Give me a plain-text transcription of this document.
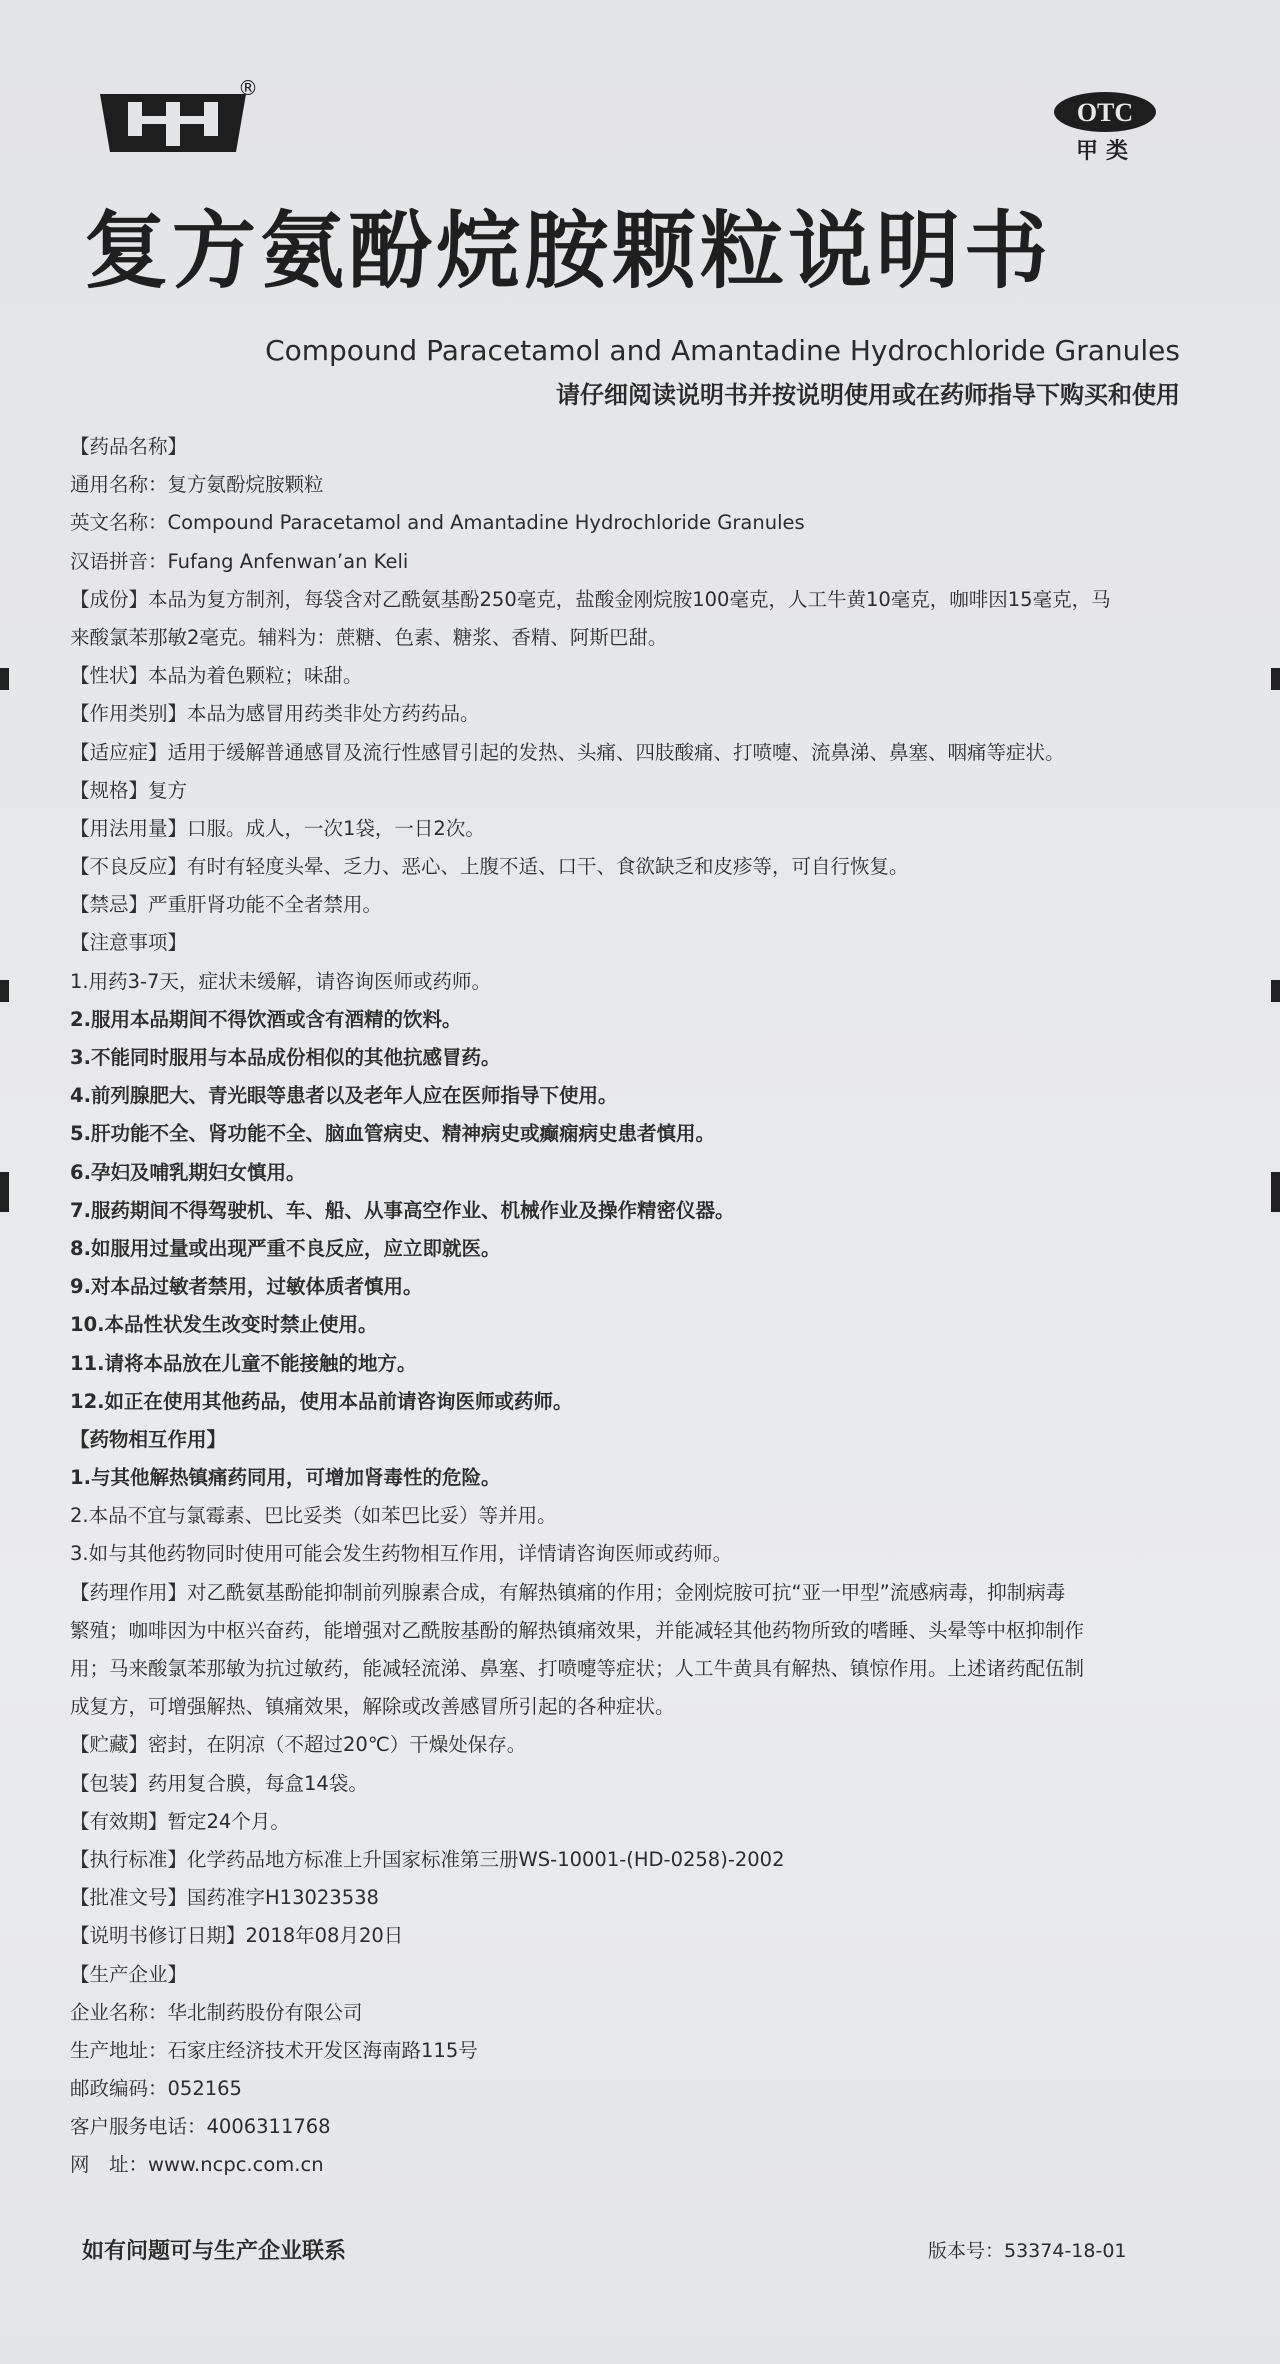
®
OTC
甲类
复方氨酚烷胺颗粒说明书
Compound Paracetamol and Amantadine Hydrochloride Granules
请仔细阅读说明书并按说明使用或在药师指导下购买和使用
【药品名称】
通用名称：复方氨酚烷胺颗粒
英文名称：Compound Paracetamol and Amantadine Hydrochloride Granules
汉语拼音：Fufang Anfenwan’an Keli
【成份】本品为复方制剂，每袋含对乙酰氨基酚250毫克，盐酸金刚烷胺100毫克，人工牛黄10毫克，咖啡因15毫克，马
来酸氯苯那敏2毫克。辅料为：蔗糖、色素、糖浆、香精、阿斯巴甜。
【性状】本品为着色颗粒；味甜。
【作用类别】本品为感冒用药类非处方药药品。
【适应症】适用于缓解普通感冒及流行性感冒引起的发热、头痛、四肢酸痛、打喷嚏、流鼻涕、鼻塞、咽痛等症状。
【规格】复方
【用法用量】口服。成人，一次1袋，一日2次。
【不良反应】有时有轻度头晕、乏力、恶心、上腹不适、口干、食欲缺乏和皮疹等，可自行恢复。
【禁忌】严重肝肾功能不全者禁用。
【注意事项】
1.用药3-7天，症状未缓解，请咨询医师或药师。
2.服用本品期间不得饮酒或含有酒精的饮料。
3.不能同时服用与本品成份相似的其他抗感冒药。
4.前列腺肥大、青光眼等患者以及老年人应在医师指导下使用。
5.肝功能不全、肾功能不全、脑血管病史、精神病史或癫痫病史患者慎用。
6.孕妇及哺乳期妇女慎用。
7.服药期间不得驾驶机、车、船、从事高空作业、机械作业及操作精密仪器。
8.如服用过量或出现严重不良反应，应立即就医。
9.对本品过敏者禁用，过敏体质者慎用。
10.本品性状发生改变时禁止使用。
11.请将本品放在儿童不能接触的地方。
12.如正在使用其他药品，使用本品前请咨询医师或药师。
【药物相互作用】
1.与其他解热镇痛药同用，可增加肾毒性的危险。
2.本品不宜与氯霉素、巴比妥类（如苯巴比妥）等并用。
3.如与其他药物同时使用可能会发生药物相互作用，详情请咨询医师或药师。
【药理作用】对乙酰氨基酚能抑制前列腺素合成，有解热镇痛的作用；金刚烷胺可抗“亚一甲型”流感病毒，抑制病毒
繁殖；咖啡因为中枢兴奋药，能增强对乙酰胺基酚的解热镇痛效果，并能减轻其他药物所致的嗜睡、头晕等中枢抑制作
用；马来酸氯苯那敏为抗过敏药，能减轻流涕、鼻塞、打喷嚏等症状；人工牛黄具有解热、镇惊作用。上述诸药配伍制
成复方，可增强解热、镇痛效果，解除或改善感冒所引起的各种症状。
【贮藏】密封，在阴凉（不超过20℃）干燥处保存。
【包装】药用复合膜，每盒14袋。
【有效期】暂定24个月。
【执行标准】化学药品地方标准上升国家标准第三册WS-10001-(HD-0258)-2002
【批准文号】国药准字H13023538
【说明书修订日期】2018年08月20日
【生产企业】
企业名称：华北制药股份有限公司
生产地址：石家庄经济技术开发区海南路115号
邮政编码：052165
客户服务电话：4006311768
网　址：www.ncpc.com.cn
如有问题可与生产企业联系	版本号：53374-18-01
